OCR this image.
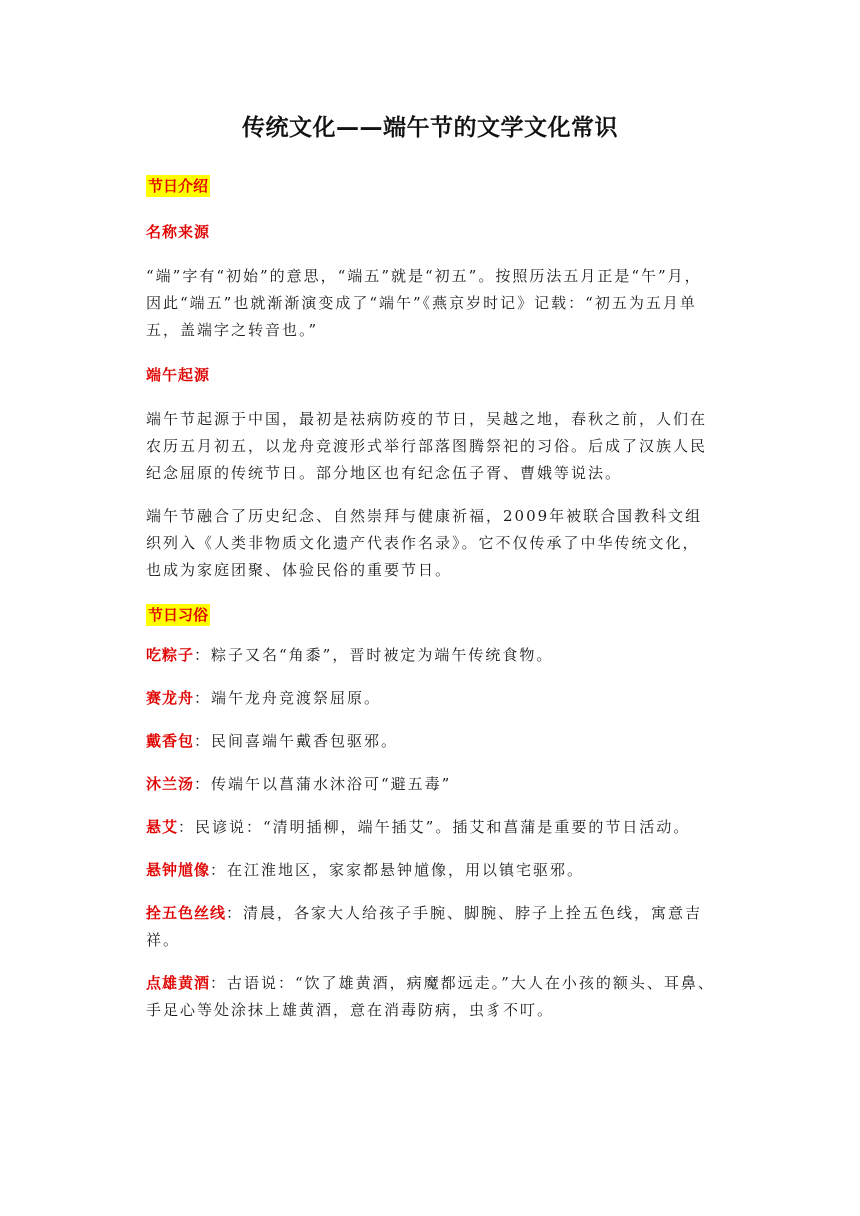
传统文化——端午节的文学文化常识
节日介绍
名称来源

“端”字有“初始”的意思，“端五”就是“初五”。按照历法五月正是“午”月，因此“端五”也就渐渐演变成了“端午”《燕京岁时记》记载：“初五为五月单五，盖端字之转音也。”

端午起源

端午节起源于中国，最初是祛病防疫的节日，吴越之地，春秋之前，人们在农历五月初五，以龙舟竞渡形式举行部落图腾祭祀的习俗。后成了汉族人民纪念屈原的传统节日。部分地区也有纪念伍子胥、曹娥等说法。

端午节融合了历史纪念、自然崇拜与健康祈福，2009年被联合国教科文组织列入《人类非物质文化遗产代表作名录》。它不仅传承了中华传统文化，也成为家庭团聚、体验民俗的重要节日。

节日习俗

吃粽子：粽子又名“角黍”，晋时被定为端午传统食物。

赛龙舟：端午龙舟竞渡祭屈原。

戴香包：民间喜端午戴香包驱邪。

沐兰汤：传端午以菖蒲水沐浴可“避五毒”

悬艾：民谚说：“清明插柳，端午插艾”。插艾和菖蒲是重要的节日活动。

悬钟馗像：在江淮地区，家家都悬钟馗像，用以镇宅驱邪。

拴五色丝线：清晨，各家大人给孩子手腕、脚腕、脖子上拴五色线，寓意吉祥。

点雄黄酒：古语说：“饮了雄黄酒，病魔都远走。”大人在小孩的额头、耳鼻、手足心等处涂抹上雄黄酒，意在消毒防病，虫豸不叮。
